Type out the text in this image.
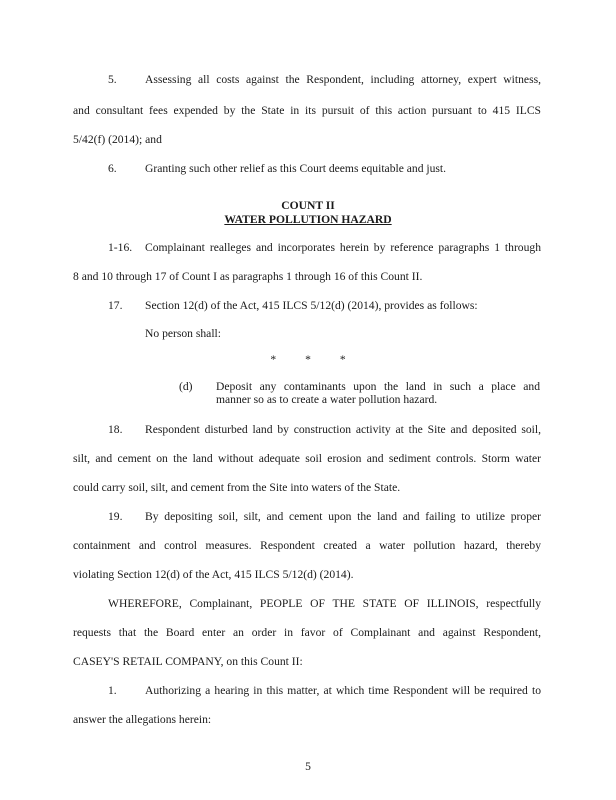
5. Assessing all costs against the Respondent, including attorney, expert witness,
and consultant fees expended by the State in its pursuit of this action pursuant to 415 ILCS
5/42(f) (2014); and
6. Granting such other relief as this Court deems equitable and just.
COUNT II
WATER POLLUTION HAZARD
1-16. Complainant realleges and incorporates herein by reference paragraphs 1 through
8 and 10 through 17 of Count I as paragraphs 1 through 16 of this Count II.
17. Section 12(d) of the Act, 415 ILCS 5/12(d) (2014), provides as follows:
No person shall:
*          *          *
(d) Deposit any contaminants upon the land in such a place and
manner so as to create a water pollution hazard.
18. Respondent disturbed land by construction activity at the Site and deposited soil,
silt, and cement on the land without adequate soil erosion and sediment controls. Storm water
could carry soil, silt, and cement from the Site into waters of the State.
19. By depositing soil, silt, and cement upon the land and failing to utilize proper
containment and control measures. Respondent created a water pollution hazard, thereby
violating Section 12(d) of the Act, 415 ILCS 5/12(d) (2014).
WHEREFORE, Complainant, PEOPLE OF THE STATE OF ILLINOIS, respectfully
requests that the Board enter an order in favor of Complainant and against Respondent,
CASEY'S RETAIL COMPANY, on this Count II:
1. Authorizing a hearing in this matter, at which time Respondent will be required to
answer the allegations herein:
5
